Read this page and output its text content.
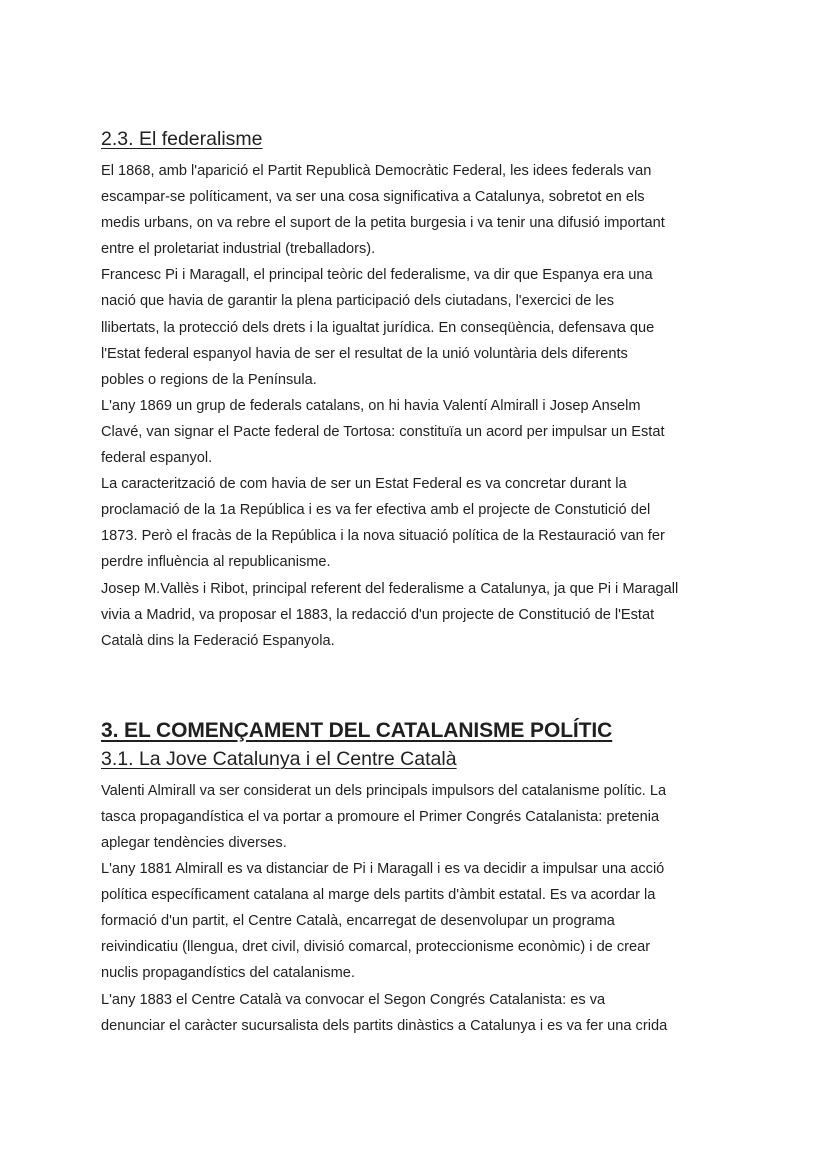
2.3. El federalisme

El 1868, amb l'aparició el Partit Republicà Democràtic Federal, les idees federals van
escampar-se políticament, va ser una cosa significativa a Catalunya, sobretot en els
medis urbans, on va rebre el suport de la petita burgesia i va tenir una difusió important
entre el proletariat industrial (treballadors).

Francesc Pi i Maragall, el principal teòric del federalisme, va dir que Espanya era una
nació que havia de garantir la plena participació dels ciutadans, l'exercici de les
llibertats, la protecció dels drets i la igualtat jurídica. En conseqüència, defensava que
l'Estat federal espanyol havia de ser el resultat de la unió voluntària dels diferents
pobles o regions de la Península.

L'any 1869 un grup de federals catalans, on hi havia Valentí Almirall i Josep Anselm
Clavé, van signar el Pacte federal de Tortosa: constituïa un acord per impulsar un Estat
federal espanyol.

La caracterització de com havia de ser un Estat Federal es va concretar durant la
proclamació de la 1a República i es va fer efectiva amb el projecte de Constutició del
1873. Però el fracàs de la República i la nova situació política de la Restauració van fer
perdre influència al republicanisme.

Josep M.Vallès i Ribot, principal referent del federalisme a Catalunya, ja que Pi i Maragall
vivia a Madrid, va proposar el 1883, la redacció d'un projecte de Constitució de l'Estat
Català dins la Federació Espanyola.

3. EL COMENÇAMENT DEL CATALANISME POLÍTIC
3.1. La Jove Catalunya i el Centre Català

Valenti Almirall va ser considerat un dels principals impulsors del catalanisme polític. La
tasca propagandística el va portar a promoure el Primer Congrés Catalanista: pretenia
aplegar tendències diverses.

L'any 1881 Almirall es va distanciar de Pi i Maragall i es va decidir a impulsar una acció
política específicament catalana al marge dels partits d'àmbit estatal. Es va acordar la
formació d'un partit, el Centre Català, encarregat de desenvolupar un programa
reivindicatiu (llengua, dret civil, divisió comarcal, proteccionisme econòmic) i de crear
nuclis propagandístics del catalanisme.

L'any 1883 el Centre Català va convocar el Segon Congrés Catalanista: es va
denunciar el caràcter sucursalista dels partits dinàstics a Catalunya i es va fer una crida
